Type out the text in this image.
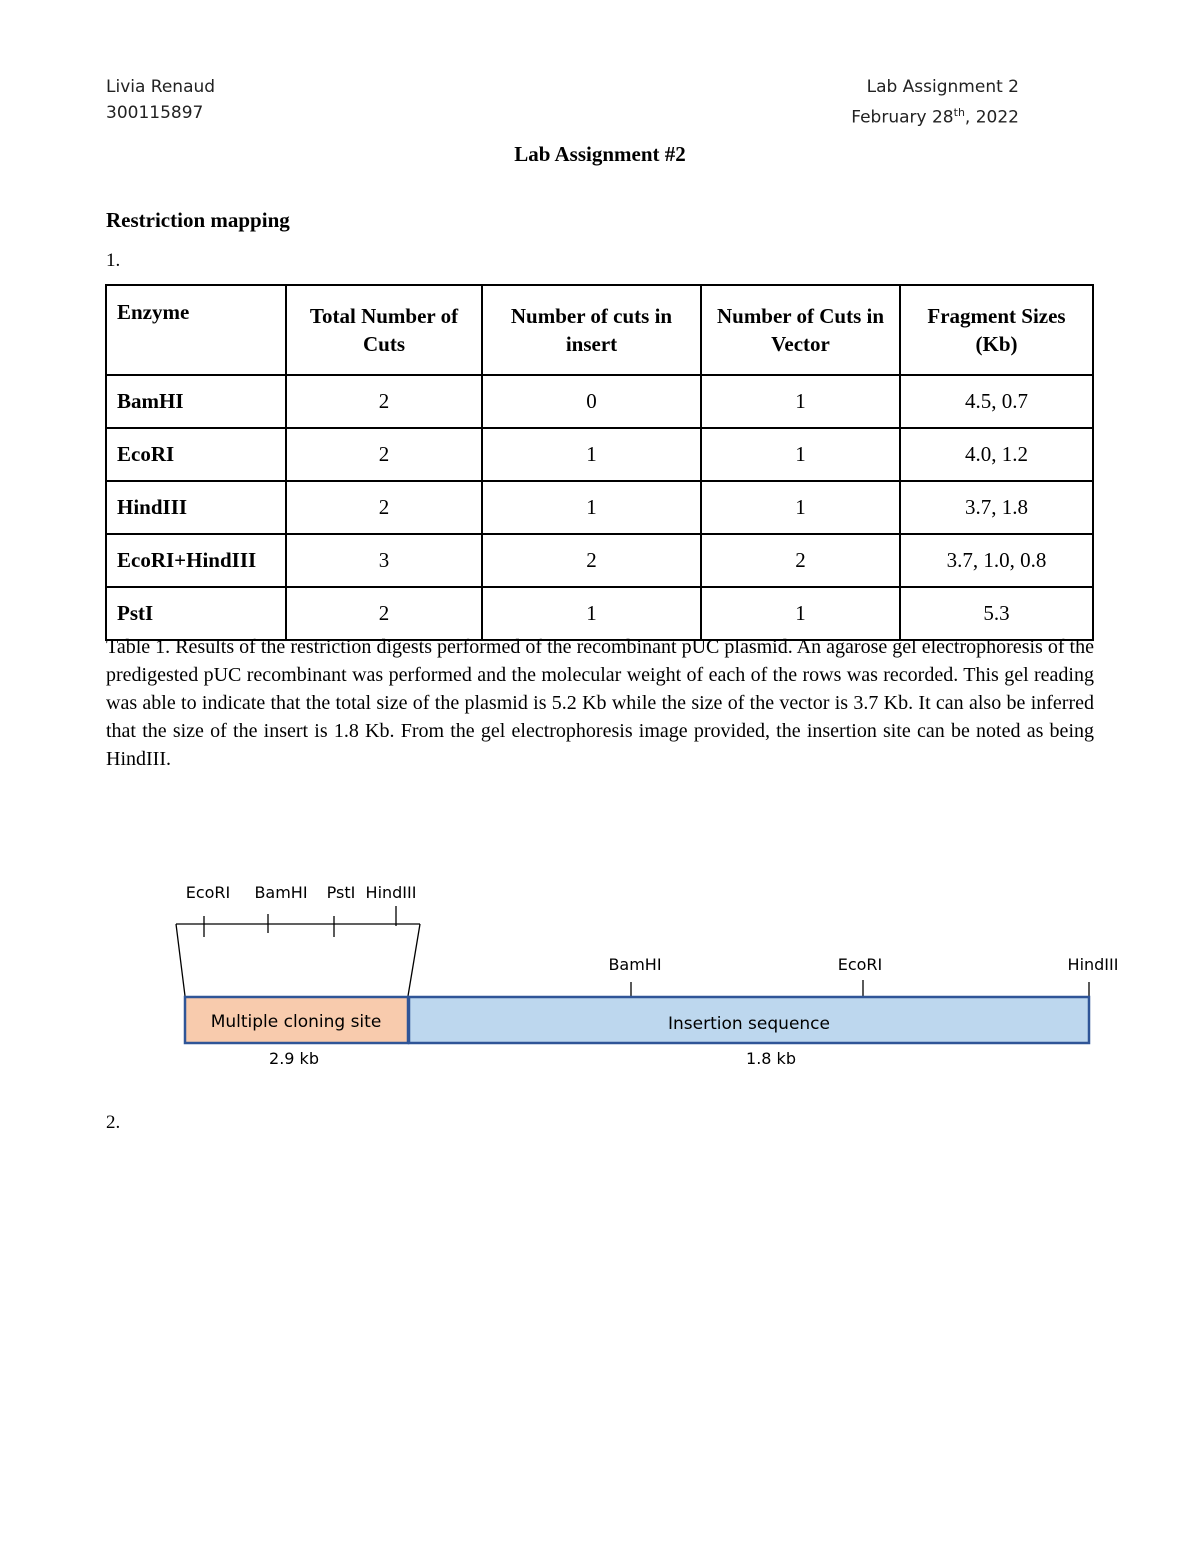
Livia Renaud
300115897
Lab Assignment 2
February 28th, 2022
Lab Assignment #2
Restriction mapping
1.
Enzyme	Total Number of Cuts	Number of cuts in insert	Number of Cuts in Vector	Fragment Sizes (Kb)
BamHI	2	0	1	4.5, 0.7
EcoRI	2	1	1	4.0, 1.2
HindIII	2	1	1	3.7, 1.8
EcoRI+HindIII	3	2	2	3.7, 1.0, 0.8
PstI	2	1	1	5.3
Table 1. Results of the restriction digests performed of the recombinant pUC plasmid. An agarose gel electrophoresis of the predigested pUC recombinant was performed and the molecular weight of each of the rows was recorded. This gel reading was able to indicate that the total size of the plasmid is 5.2 Kb while the size of the vector is 3.7 Kb. It can also be inferred that the size of the insert is 1.8 Kb. From the gel electrophoresis image provided, the insertion site can be noted as being HindIII.
EcoRI BamHI PstI HindIII
BamHI	EcoRI	HindIII
Multiple cloning site	Insertion sequence
2.9 kb	1.8 kb
2.
